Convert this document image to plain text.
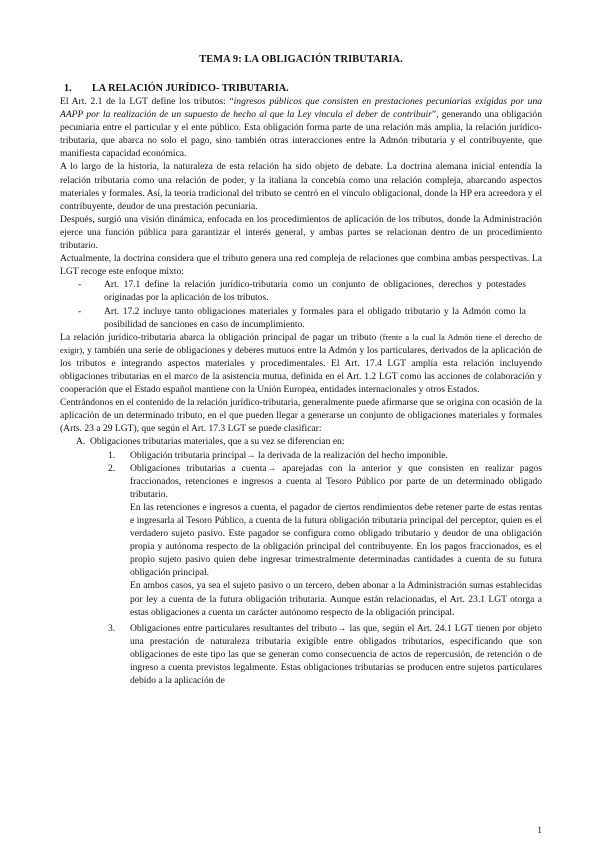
TEMA 9: LA OBLIGACIÓN TRIBUTARIA.
1.	LA RELACIÓN JURÍDICO- TRIBUTARIA.

El Art. 2.1 de la LGT define los tributos: “ingresos públicos que consisten en prestaciones pecuniarias exigidas por una AAPP por la realización de un supuesto de hecho al que la Ley vincula el deber de contribuir”, generando una obligación pecuniaria entre el particular y el ente público. Esta obligación forma parte de una relación más amplia, la relación jurídico-tributaria, que abarca no solo el pago, sino también otras interacciones entre la Admón tributaria y el contribuyente, que manifiesta capacidad económica.

A lo largo de la historia, la naturaleza de esta relación ha sido objeto de debate. La doctrina alemana inicial entendía la relación tributaria como una relación de poder, y la italiana la concebía como una relación compleja, abarcando aspectos materiales y formales. Así, la teoría tradicional del tributo se centró en el vínculo obligacional, donde la HP era acreedora y el contribuyente, deudor de una prestación pecuniaria.

Después, surgió una visión dinámica, enfocada en los procedimientos de aplicación de los tributos, donde la Administración ejerce una función pública para garantizar el interés general, y ambas partes se relacionan dentro de un procedimiento tributario.

Actualmente, la doctrina considera que el tributo genera una red compleja de relaciones que combina ambas perspectivas. La LGT recoge este enfoque mixto:

-	Art. 17.1 define la relación jurídico-tributaria como un conjunto de obligaciones, derechos y potestades originadas por la aplicación de los tributos.
-	Art. 17.2 incluye tanto obligaciones materiales y formales para el obligado tributario y la Admón como la posibilidad de sanciones en caso de incumplimiento.

La relación jurídico-tributaria abarca la obligación principal de pagar un tributo (frente a la cual la Admón tiene el derecho de exigir), y también una serie de obligaciones y deberes mutuos entre la Admón y los particulares, derivados de la aplicación de los tributos e integrando aspectos materiales y procedimentales. El Art. 17.4 LGT amplía esta relación incluyendo obligaciones tributarias en el marco de la asistencia mutua, definida en el Art. 1.2 LGT como las acciones de colaboración y cooperación que el Estado español mantiene con la Unión Europea, entidades internacionales y otros Estados.

Centrándonos en el contenido de la relación jurídico-tributaria, generalmente puede afirmarse que se origina con ocasión de la aplicación de un determinado tributo, en el que pueden llegar a generarse un conjunto de obligaciones materiales y formales (Arts. 23 a 29 LGT), que según el Art. 17.3 LGT se puede clasificar:

A. Obligaciones tributarias materiales, que a su vez se diferencian en:
1.	Obligación tributaria principal→ la derivada de la realización del hecho imponible.
2.	Obligaciones tributarias a cuenta→ aparejadas con la anterior y que consisten en realizar pagos fraccionados, retenciones e ingresos a cuenta al Tesoro Público por parte de un determinado obligado tributario.

En las retenciones e ingresos a cuenta, el pagador de ciertos rendimientos debe retener parte de estas rentas e ingresarla al Tesoro Público, a cuenta de la futura obligación tributaria principal del perceptor, quien es el verdadero sujeto pasivo. Este pagador se configura como obligado tributario y deudor de una obligación propia y autónoma respecto de la obligación principal del contribuyente. En los pagos fraccionados, es el propio sujeto pasivo quien debe ingresar trimestralmente determinadas cantidades a cuenta de su futura obligación principal.

En ambos casos, ya sea el sujeto pasivo o un tercero, deben abonar a la Administración sumas establecidas por ley a cuenta de la futura obligación tributaria. Aunque están relacionadas, el Art. 23.1 LGT otorga a estas obligaciones a cuenta un carácter autónomo respecto de la obligación principal.

3.	Obligaciones entre particulares resultantes del tributo→ las que, según el Art. 24.1 LGT tienen por objeto una prestación de naturaleza tributaria exigible entre obligados tributarios, especificando que son obligaciones de este tipo las que se generan como consecuencia de actos de repercusión, de retención o de ingreso a cuenta previstos legalmente. Estas obligaciones tributarias se producen entre sujetos particulares debido a la aplicación de
1
